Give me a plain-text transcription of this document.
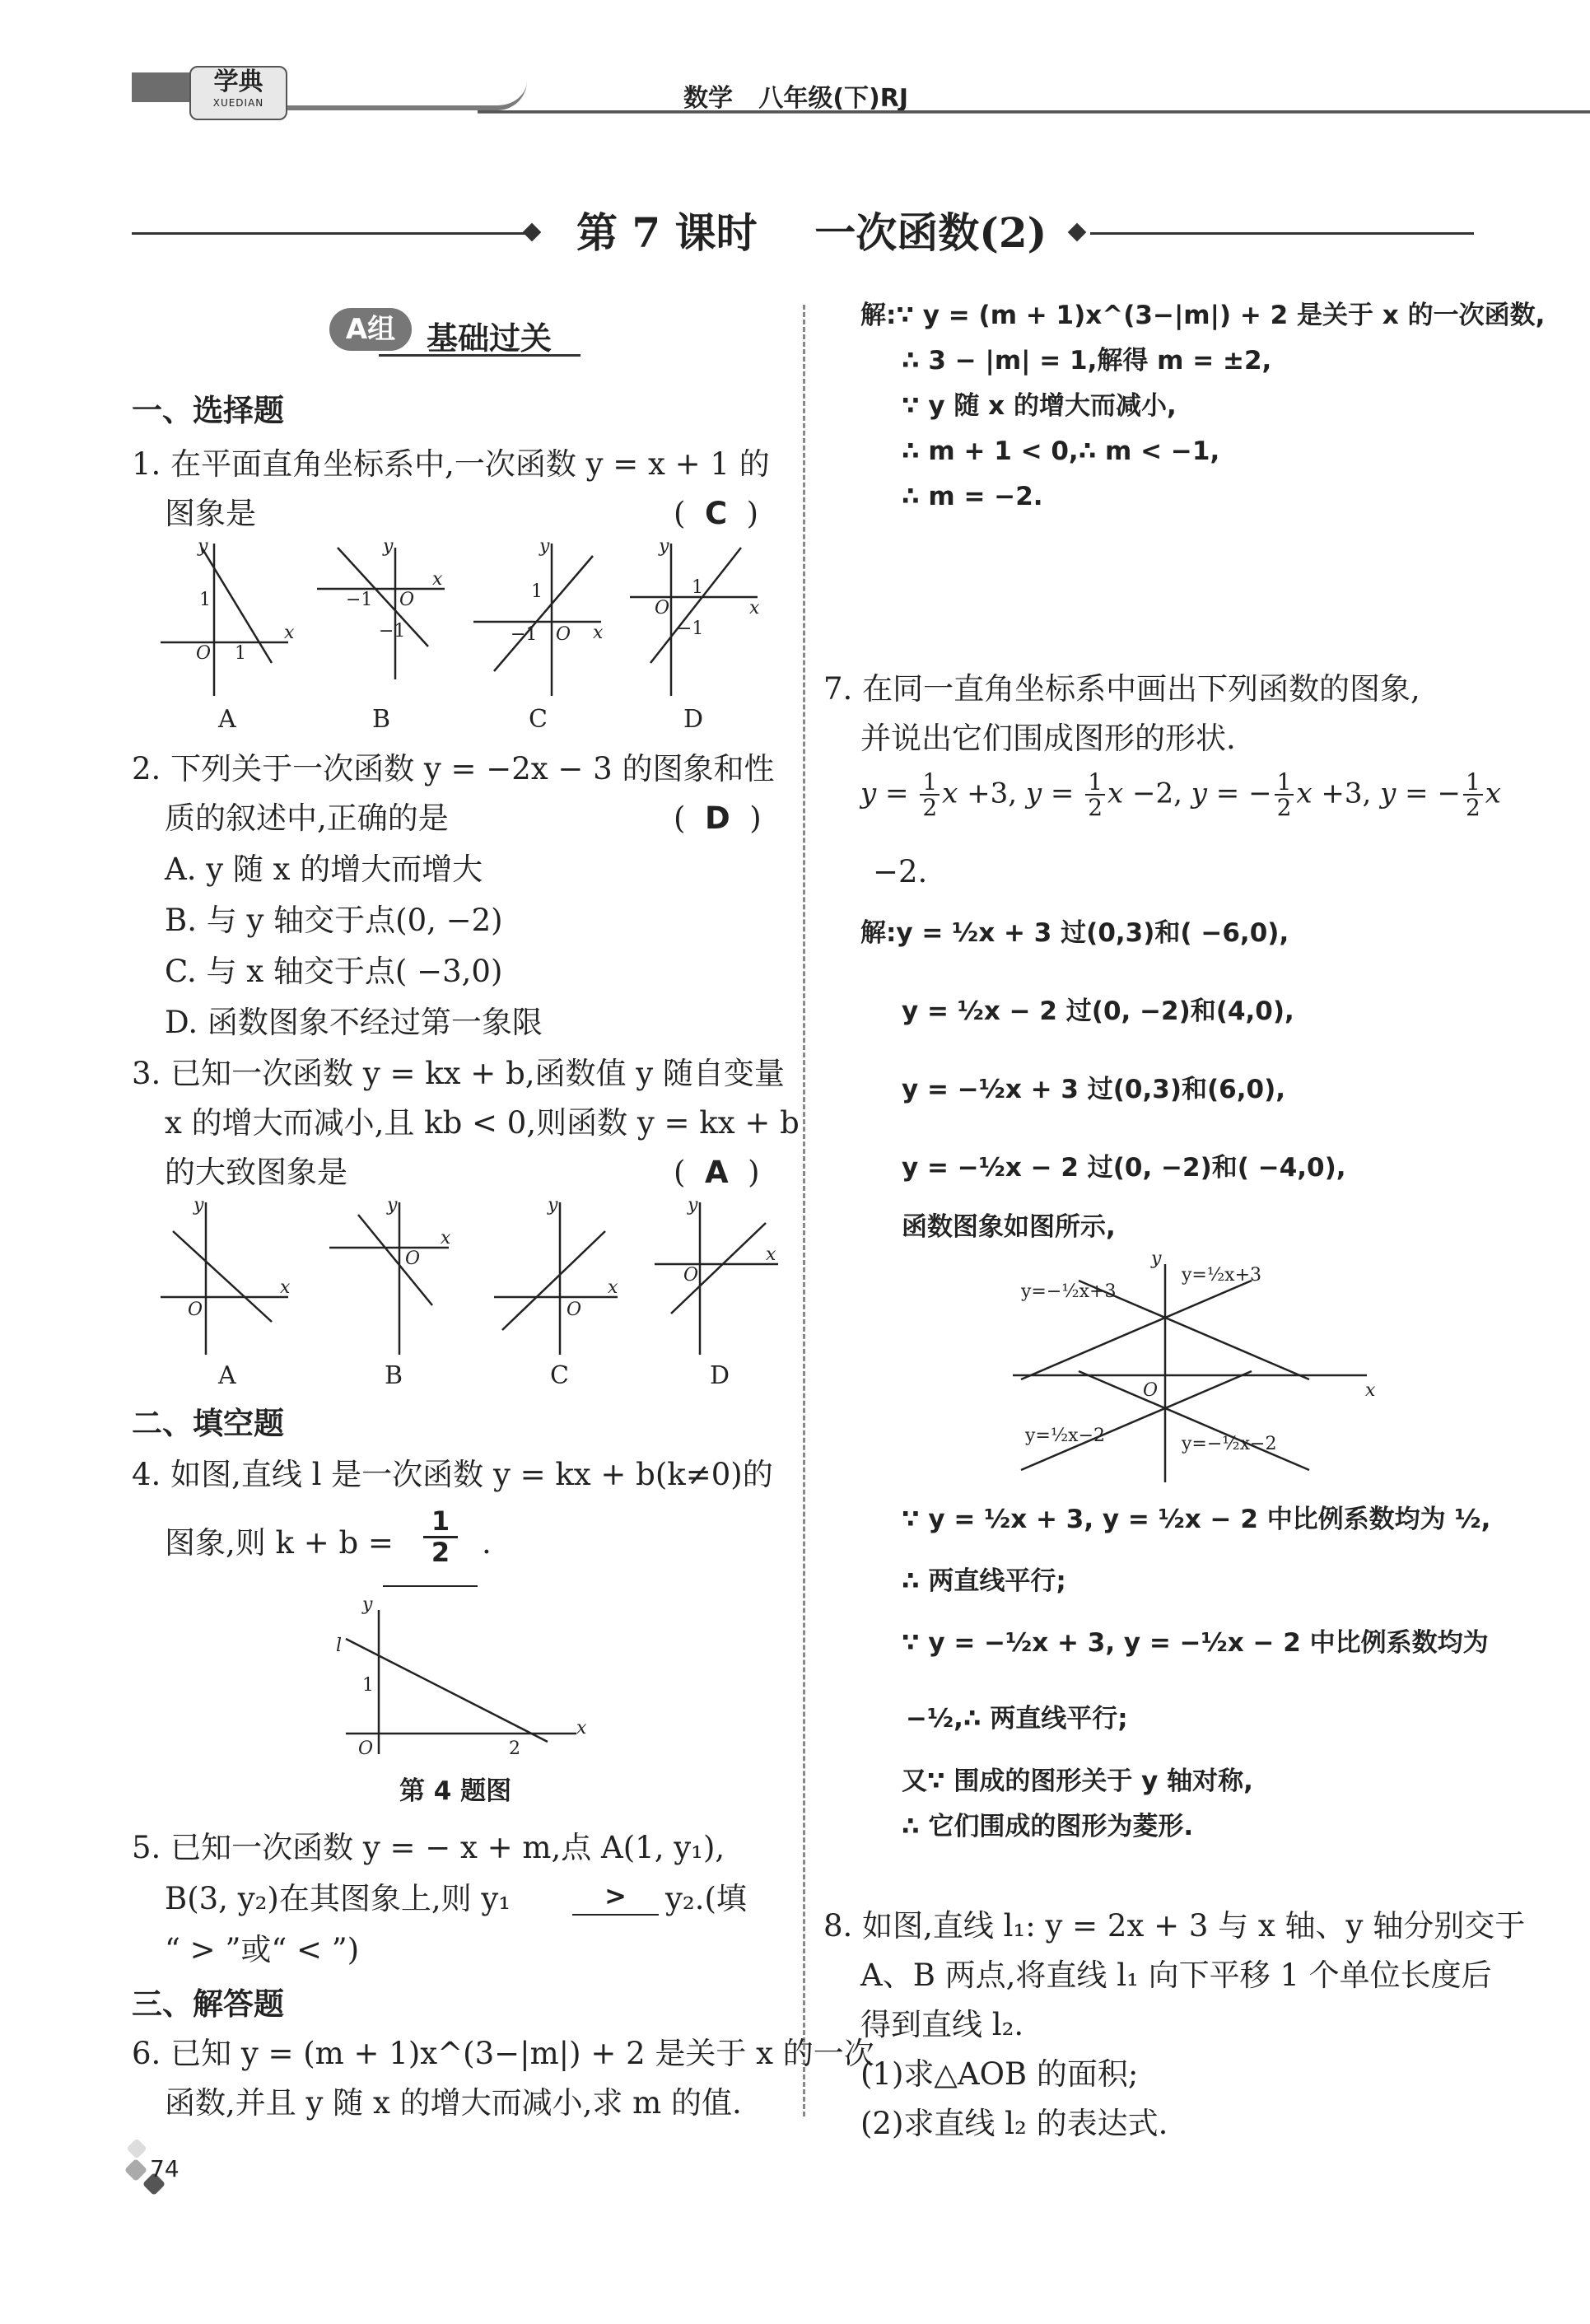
学典
XUEDIAN	数学   八年级(下)RJ
第 7 课时    一次函数(2)
A组 基础过关
一、选择题
1. 在平面直角坐标系中,一次函数 y = x + 1 的
图象是	(  C  )
y
x
O
y
x
O
y
x
O
y
x
O
1
1
−1
−1
1
−1
1
−1
A	B	C	D
2. 下列关于一次函数 y = −2x − 3 的图象和性
质的叙述中,正确的是	(  D  )
A. y 随 x 的增大而增大
B. 与 y 轴交于点(0, −2)
C. 与 x 轴交于点( −3,0)
D. 函数图象不经过第一象限
3. 已知一次函数 y = kx + b,函数值 y 随自变量
x 的增大而减小,且 kb < 0,则函数 y = kx + b
的大致图象是	(  A  )
y
x
O
y
x
O
y
x
O
y
x
O
A	B	C	D
二、填空题
4. 如图,直线 l 是一次函数 y = kx + b(k≠0)的
图象,则 $k + b = \frac{1}{2}$ .
y
x
l
1
O	2
第 4 题图
5. 已知一次函数 y = − x + m,点 A(1, y₁),
B(3, y₂)在其图象上,则 y₁	>	y₂.(填
“ > ”或“ < ”)
三、解答题
6. 已知 y = (m + 1)x^(3−|m|) + 2 是关于 x 的一次
函数,并且 y 随 x 的增大而减小,求 m 的值.
74
解:∵ y = (m + 1)x^(3−|m|) + 2 是关于 x 的一次函数,
∴ 3 − |m| = 1,解得 m = ±2,
∵ y 随 x 的增大而减小,
∴ m + 1 < 0,∴ m < −1,
∴ m = −2.
7. 在同一直角坐标系中画出下列函数的图象,
并说出它们围成图形的形状.
$y = \frac{1}{2}$ x +3, $y = \frac{1}{2}$ x −2, y = − $\frac{1}{2}$ x +3, y = − $\frac{1}{2}$ x
−2.
解:y = ½x + 3 过(0,3)和( −6,0),
y = ½x − 2 过(0, −2)和(4,0),
y = −½x + 3 过(0,3)和(6,0),
y = −½x − 2 过(0, −2)和( −4,0),
函数图象如图所示,
y
x
O
y=−½x+3
y=½x+3
y=½x−2	y=−½x−2
∵ y = ½x + 3, y = ½x − 2 中比例系数均为 ½,
∴ 两直线平行;
∵ y = −½x + 3, y = −½x − 2 中比例系数均为
−½,∴ 两直线平行;
又∵ 围成的图形关于 y 轴对称,
∴ 它们围成的图形为菱形.
8. 如图,直线 l₁: y = 2x + 3 与 x 轴、y 轴分别交于
A、B 两点,将直线 l₁ 向下平移 1 个单位长度后
得到直线 l₂.
(1)求△AOB 的面积;
(2)求直线 l₂ 的表达式.
